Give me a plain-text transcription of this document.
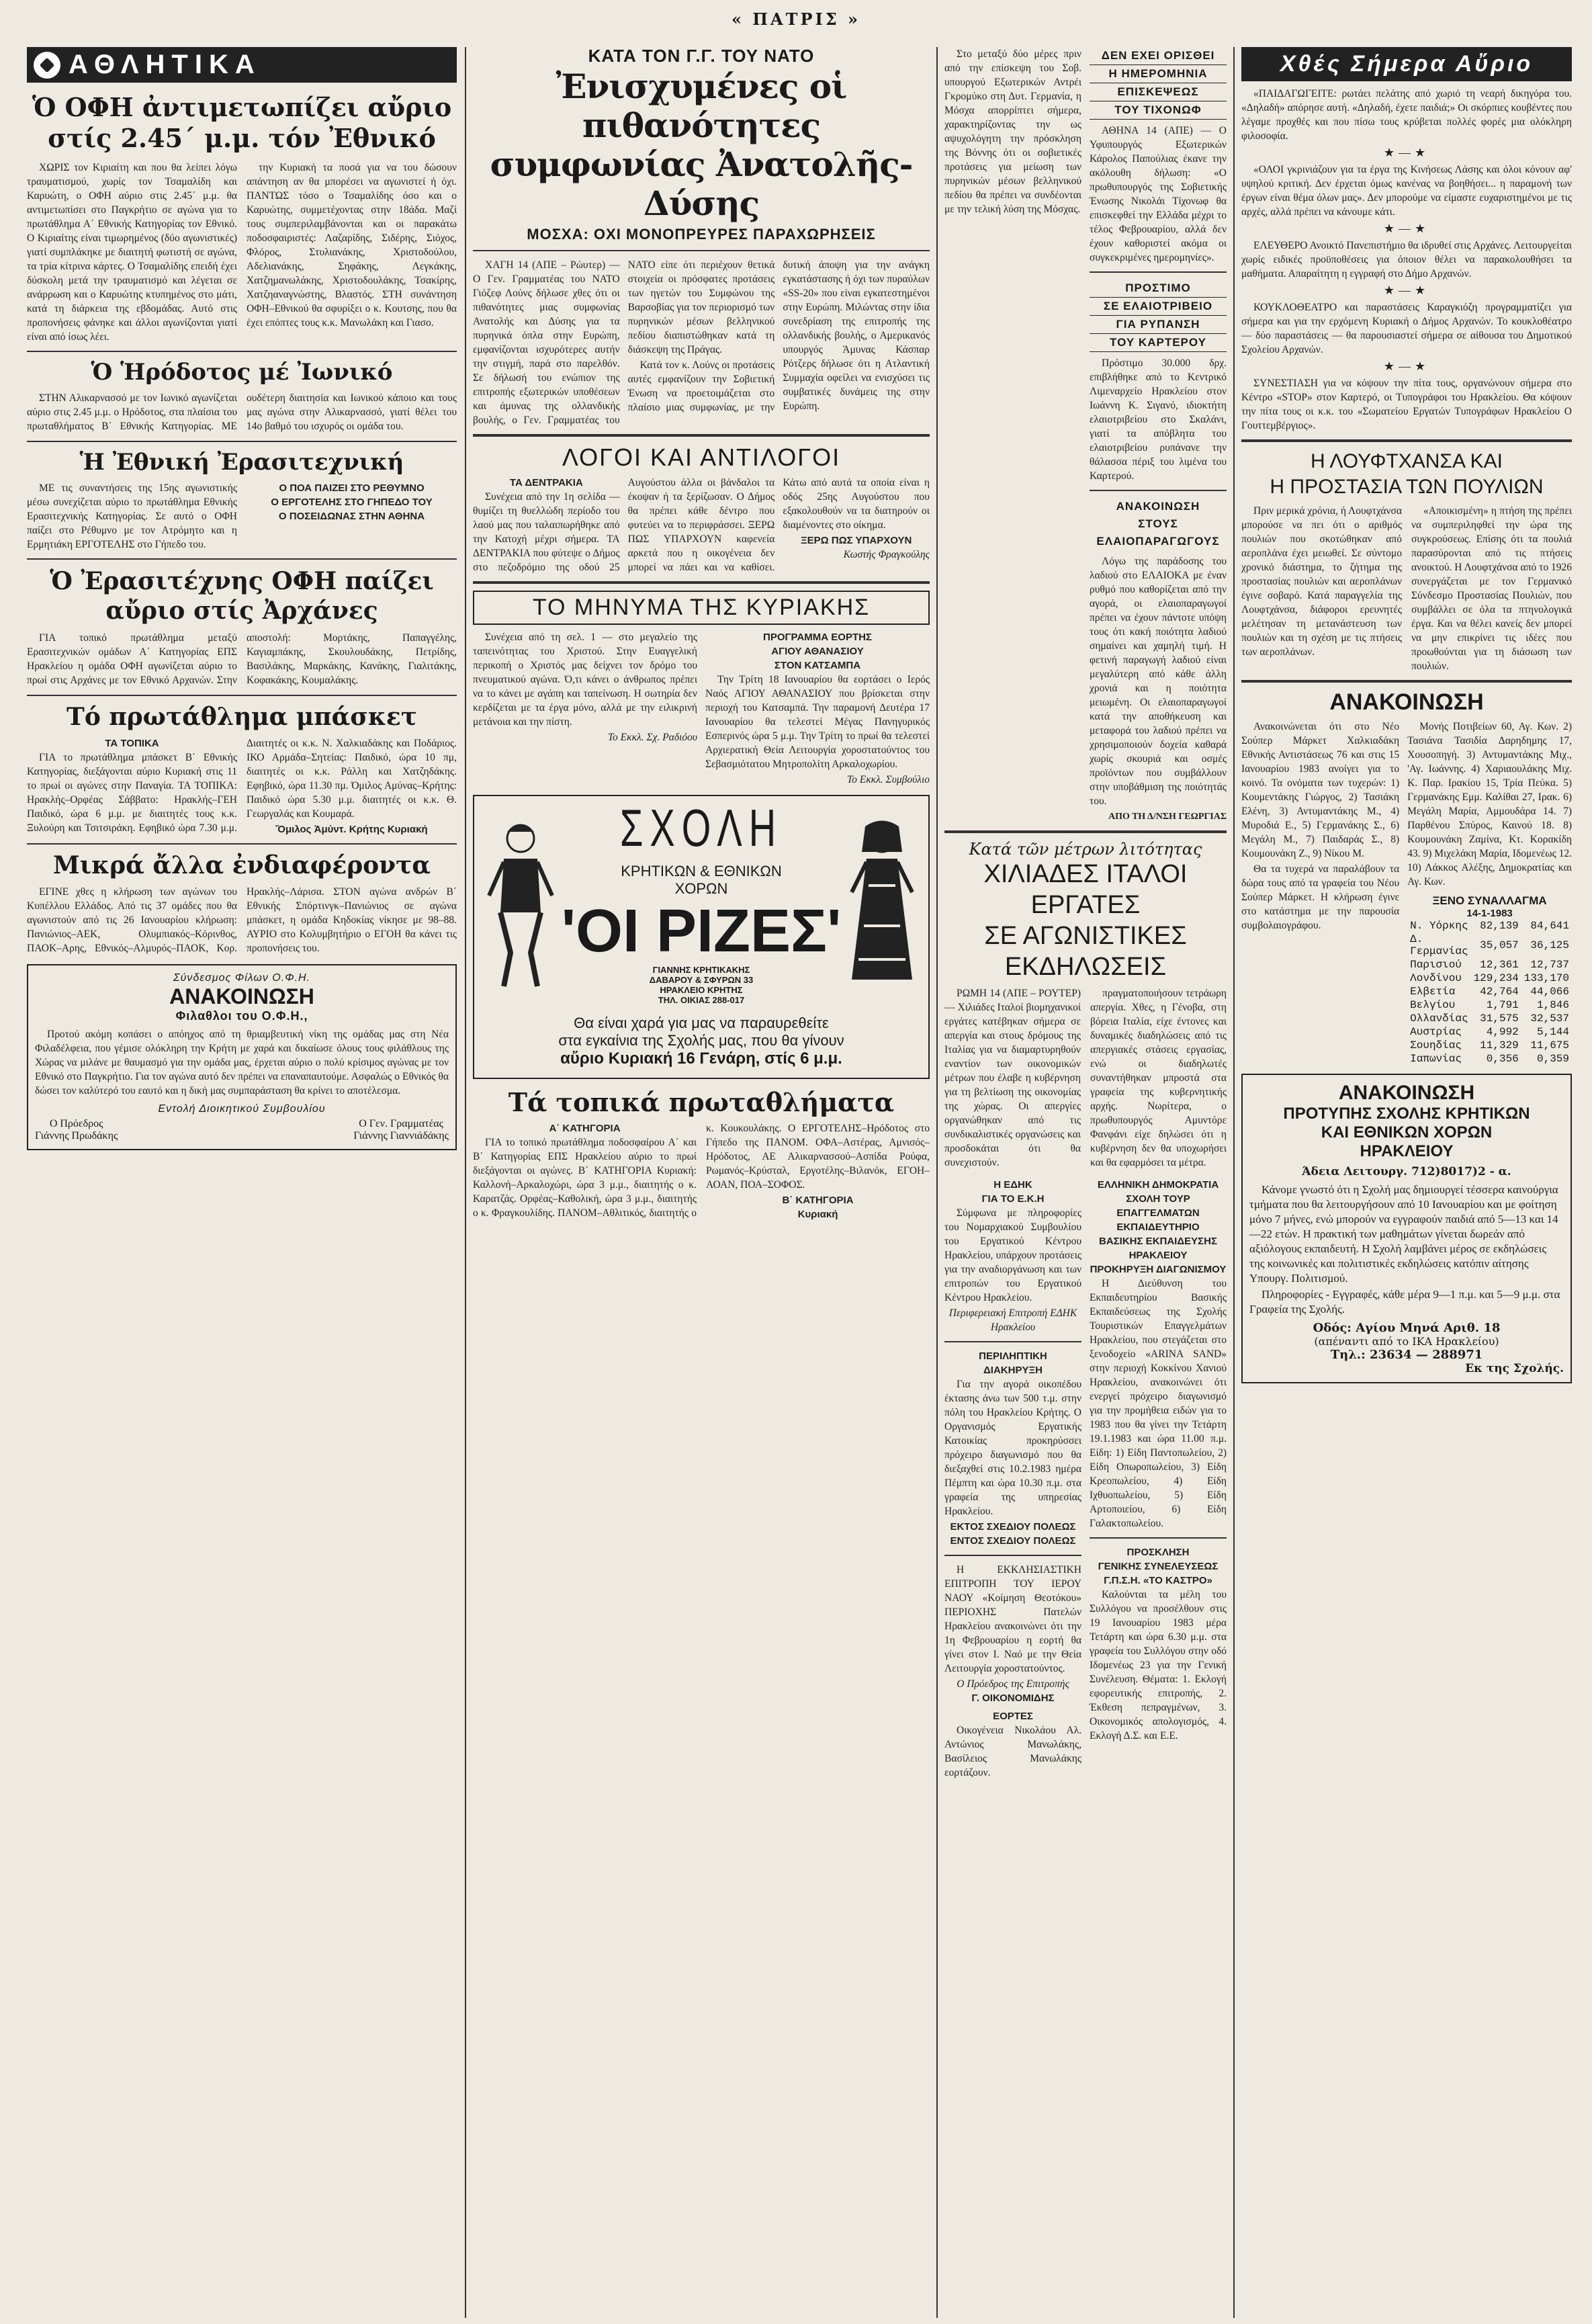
« ΠΑΤΡΙΣ »
ΑΘΛΗΤΙΚΑ
Ὁ ΟΦΗ ἀντιμετωπίζει αὔριο
στίς 2.45΄ μ.μ. τόν Ἐθνικό

ΧΩΡΙΣ τον Κιριαίτη και που θα λείπει λόγω τραυματισμού, χωρίς τον Τσαμαλίδη και Καρυώτη, ο ΟΦΗ αύριο στις 2.45΄ μ.μ. θα αντιμετωπίσει στο Παγκρήτιο σε αγώνα για το πρωτάθλημα Α΄ Εθνικής Κατηγορίας τον Εθνικό. Ο Κιριαίτης είναι τιμωρημένος (δύο αγωνιστικές) γιατί συμπλάκηκε με διαιτητή φωτιστή σε αγώνα, τα τρία κίτρινα κάρτες. Ο Τσαμαλίδης επειδή έχει δύσκολη μετά την τραυματισμό και λέγεται σε ανάρρωση και ο Καρυώτης κτυπημένος στο μάτι, κατά τη διάρκεια της εβδομάδας. Αυτό στις προπονήσεις φάνηκε και άλλοι αγωνίζονται γιατί είναι από ίσως λέει.

την Κυριακή τα ποσά για να του δώσουν απάντηση αν θα μπορέσει να αγωνιστεί ή όχι. ΠΑΝΤΩΣ τόσο ο Τσαμαλίδης όσο και ο Καρυώτης, συμμετέχοντας στην 18άδα. Μαζί τους συμπεριλαμβάνονται και οι παρακάτω ποδοσφαιριστές: Λαζαρίδης, Σιδέρης, Σιόχος, Φλόρος, Στυλιανάκης, Χριστοδούλου, Αδελιανάκης, Σηφάκης, Λεγκάκης, Χατζημανωλάκης, Χριστοδουλάκης, Τσακίρης, Χατζηαναγνώστης, Βλαστός. ΣΤΗ συνάντηση ΟΦΗ–Εθνικού θα σφυρίξει ο κ. Κουτσης, που θα έχει επόπτες τους κ.κ. Μανωλάκη και Γιασο.

Ὁ Ἡρόδοτος μέ Ἰωνικό

ΣΤΗΝ Αλικαρνασσό με τον Ιωνικό αγωνίζεται αύριο στις 2.45 μ.μ. ο Ηρόδοτος, στα πλαίσια του πρωταθλήματος Β΄ Εθνικής Κατηγορίας. ΜΕ ουδέτερη διαιτησία και Ιωνικού κάποιο και τους μας αγώνα στην Αλικαρνασσό, γιατί θέλει του 14ο βαθμό του ισχυρός οι ομάδα του.

Ἡ Ἐθνική Ἐρασιτεχνική

ΜΕ τις συναντήσεις της 15ης αγωνιστικής μέσω συνεχίζεται αύριο το πρωτάθλημα Εθνικής Ερασιτεχνικής Κατηγορίας. Σε αυτό ο ΟΦΗ παίζει στο Ρέθυμνο με τον Ατρόμητο και η Ερμητιάκη ΕΡΓΟΤΕΛΗΣ στο Γήπεδο του.

Ο ΠΟΑ ΠΑΙΖΕΙ ΣΤΟ ΡΕΘΥΜΝΟ
Ο ΕΡΓΟΤΕΛΗΣ ΣΤΟ ΓΗΠΕΔΟ ΤΟΥ
Ο ΠΟΣΕΙΔΩΝΑΣ ΣΤΗΝ ΑΘΗΝΑ
Ὁ Ἐρασιτέχνης ΟΦΗ παίζει
αὔριο στίς Ἀρχάνες

ΓΙΑ τοπικό πρωτάθλημα μεταξύ Ερασιτεχνικών ομάδων Α΄ Κατηγορίας ΕΠΣ Ηρακλείου η ομάδα ΟΦΗ αγωνίζεται αύριο το πρωί στις Αρχάνες με τον Εθνικό Αρχανών. Στην αποστολή: Μορτάκης, Παπαγγέλης, Καγιαμπάκης, Σκουλουδάκης, Πετρίδης, Βασιλάκης, Μαρκάκης, Κανάκης, Γιαλιτάκης, Κοφακάκης, Κουμαλάκης.

Τό πρωτάθλημα μπάσκετ
ΤΑ ΤΟΠΙΚΑ

ΓΙΑ το πρωτάθλημα μπάσκετ Β΄ Εθνικής Κατηγορίας, διεξάγονται αύριο Κυριακή στις 11 το πρωί οι αγώνες στην Παναγία. ΤΑ ΤΟΠΙΚΑ: Ηρακλής–Ορφέας Σάββατο: Ηρακλής–ΓΕΗ Παιδικό, ώρα 6 μ.μ. με διαιτητές τους κ.κ. Ξυλούρη και Τσιτσιράκη. Εφηβικό ώρα 7.30 μ.μ. Διαιτητές οι κ.κ. Ν. Χαλκιαδάκης και Ποδάριος. ΙΚΟ Αρμάδα–Σητείας: Παιδικό, ώρα 10 πμ, διαιτητές οι κ.κ. Ράλλη και Χατζηδάκης. Εφηβικό, ώρα 11.30 πμ. Όμιλος Αμύνας–Κρήτης: Παιδικό ώρα 5.30 μ.μ. διαιτητές οι κ.κ. Θ. Γεωργαλάς και Κουμαρά.

Ὅμιλος Ἀμύντ. Κρήτης Κυριακή
Μικρά ἄλλα ἐνδιαφέροντα

ΕΓΙΝΕ χθες η κλήρωση των αγώνων του Κυπέλλου Ελλάδος. Από τις 37 ομάδες που θα αγωνιστούν από τις 26 Ιανουαρίου κλήρωση: Πανιώνιος–ΑΕΚ, Ολυμπιακός–Κόρινθος, ΠΑΟΚ–Αρης, Εθνικός–Αλμυρός–ΠΑΟΚ, Κορ. Ηρακλής–Λάρισα. ΣΤΟΝ αγώνα ανδρών Β΄ Εθνικής Σπόρτινγκ–Πανιώνιος σε αγώνα μπάσκετ, η ομάδα Κηδοκίας νίκησε με 98–88. ΑΥΡΙΟ στο Κολυμβητήριο ο ΕΓΟΗ θα κάνει τις προπονήσεις του.

Σύνδεσμος Φίλων Ο.Φ.Η.
ΑΝΑΚΟΙΝΩΣΗ
Φιλαθλοι του Ο.Φ.Η.,

Προτού ακόμη κοπάσει ο απόηχος από τη θριαμβευτική νίκη της ομάδας μας στη Νέα Φιλαδέλφεια, που γέμισε ολόκληρη την Κρήτη με χαρά και δικαίωσε όλους τους φιλάθλους της Χώρας να μιλάνε με θαυμασμό για την ομάδα μας, έρχεται αύριο ο πολύ κρίσιμος αγώνας με τον Εθνικό στο Παγκρήτιο. Για τον αγώνα αυτό δεν πρέπει να επαναπαυτούμε. Ασφαλώς ο Εθνικός θα δώσει τον καλύτερό του εαυτό και η δική μας συμπαράσταση θα κρίνει το αποτέλεσμα.

Εντολή Διοικητικού Συμβουλίου
Ο Πρόεδρος
Γιάννης Πρωδάκης
Ο Γεν. Γραμματέας
Γιάννης Γιαννιάδάκης
ΚΑΤΑ ΤΟΝ Γ.Γ. ΤΟΥ ΝΑΤΟ
Ἐνισχυμένες οἱ πιθανότητες
συμφωνίας Ἀνατολῆς-Δύσης
ΜΟΣΧΑ: ΟΧΙ ΜΟΝΟΠΡΕΥΡΕΣ ΠΑΡΑΧΩΡΗΣΕΙΣ

ΧΑΓΗ 14 (ΑΠΕ – Ρώυτερ) — Ο Γεν. Γραμματέας του ΝΑΤΟ Γιόζεφ Λούνς δήλωσε χθες ότι οι πιθανότητες μιας συμφωνίας Ανατολής και Δύσης για τα πυρηνικά όπλα στην Ευρώπη, εμφανίζονται ισχυρότερες αυτήν την στιγμή, παρά στο παρελθόν. Σε δήλωσή του ενώπιον της επιτροπής εξωτερικών υποθέσεων και άμυνας της ολλανδικής βουλής, ο Γεν. Γραμματέας του ΝΑΤΟ είπε ότι περιέχουν θετικά στοιχεία οι πρόσφατες προτάσεις των ηγετών του Συμφώνου της Βαρσοβίας για τον περιορισμό των πυρηνικών μέσων βελληνικού πεδίου διαπιστώθηκαν κατά τη διάσκεψη της Πράγας.

Κατά τον κ. Λούνς οι προτάσεις αυτές εμφανίζουν την Σοβιετική Ένωση να προετοιμάζεται στο πλαίσιο μιας συμφωνίας, με την δυτική άποψη για την ανάγκη εγκατάστασης ή όχι των πυραύλων «SS-20» που είναι εγκατεστημένοι στην Ευρώπη. Μιλώντας στην ίδια συνεδρίαση της επιτροπής της ολλανδικής βουλής, ο Αμερικανός υπουργός Άμυνας Κάσπαρ Ρότζερς δήλωσε ότι η Ατλαντική Συμμαχία οφείλει να ενισχύσει τις συμβατικές δυνάμεις της στην Ευρώπη.

ΛΟΓΟΙ ΚΑΙ ΑΝΤΙΛΟΓΟΙ
ΤΑ ΔΕΝΤΡΑΚΙΑ

Συνέχεια από την 1η σελίδα — θυμίζει τη θυελλώδη περίοδο του λαού μας που ταλαιπωρήθηκε από την Κατοχή μέχρι σήμερα. ΤΑ ΔΕΝΤΡΑΚΙΑ που φύτεψε ο Δήμος στο πεζοδρόμιο της οδού 25 Αυγούστου άλλα οι βάνδαλοι τα έκοψαν ή τα ξερίζωσαν. Ο Δήμος θα πρέπει κάθε δέντρο που φυτεύει να το περιφράσσει. ΞΕΡΩ ΠΩΣ ΥΠΑΡΧΟΥΝ καφενεία αρκετά που η οικογένεια δεν μπορεί να πάει και να καθίσει. Κάτω από αυτά τα οποία είναι η οδός 25ης Αυγούστου που εξακολουθούν να τα διατηρούν οι διαμένοντες στο οίκημα.

ΞΕΡΩ ΠΩΣ ΥΠΑΡΧΟΥΝ
Κωστής Φραγκούλης
ΤΟ ΜΗΝΥΜΑ ΤΗΣ ΚΥΡΙΑΚΗΣ

Συνέχεια από τη σελ. 1 — στο μεγαλείο της ταπεινότητας του Χριστού. Στην Ευαγγελική περικοπή ο Χριστός μας δείχνει τον δρόμο του πνευματικού αγώνα. Ό,τι κάνει ο άνθρωπος πρέπει να το κάνει με αγάπη και ταπείνωση. Η σωτηρία δεν κερδίζεται με τα έργα μόνο, αλλά με την ειλικρινή μετάνοια και την πίστη.

Το Εκκλ. Σχ. Ραδιόου
ΠΡΟΓΡΑΜΜΑ ΕΟΡΤΗΣ
ΑΓΙΟΥ ΑΘΑΝΑΣΙΟΥ
ΣΤΟΝ ΚΑΤΣΑΜΠΑ

Την Τρίτη 18 Ιανουαρίου θα εορτάσει ο Ιερός Ναός ΑΓΙΟΥ ΑΘΑΝΑΣΙΟΥ που βρίσκεται στην περιοχή του Κατσαμπά. Την παραμονή Δευτέρα 17 Ιανουαρίου θα τελεστεί Μέγας Πανηγυρικός Εσπερινός ώρα 5 μ.μ. Την Τρίτη το πρωί θα τελεστεί Αρχιερατική Θεία Λειτουργία χοροστατούντος του Σεβασμιότατου Μητροπολίτη Αρκαλοχωρίου.

Το Εκκλ. Συμβούλιο
ΣΧΟΛΗ
ΚΡΗΤΙΚΩΝ & ΕΘΝΙΚΩΝ
ΧΟΡΩΝ
'ΟΙ ΡΙΖΕΣ'
ΓΙΑΝΝΗΣ ΚΡΗΤΙΚΑΚΗΣ
ΔΑΒΑΡΟΥ & ΣΦΥΡΩΝ 33
ΗΡΑΚΛΕΙΟ ΚΡΗΤΗΣ
ΤΗΛ. ΟΙΚΙΑΣ 288-017
Θα είναι χαρά για μας να παραυρεθείτε
στα εγκαίνια της Σχολής μας, που θα γίνουν
αὔριο Κυριακή 16 Γενάρη, στίς 6 μ.μ.
Τά τοπικά πρωταθλήματα
Α΄ ΚΑΤΗΓΟΡΙΑ

ΓΙΑ το τοπικό πρωτάθλημα ποδοσφαίρου Α΄ και Β΄ Κατηγορίας ΕΠΣ Ηρακλείου αύριο το πρωί διεξάγονται οι αγώνες. Β΄ ΚΑΤΗΓΟΡΙΑ Κυριακή: Καλλονή–Αρκαλοχώρι, ώρα 3 μ.μ., διαιτητής ο κ. Καρατζάς. Ορφέας–Καθολική, ώρα 3 μ.μ., διαιτητής ο κ. Φραγκουλίδης. ΠΑΝΟΜ–Αθλιτικός, διαιτητής ο κ. Κουκουλάκης. Ο ΕΡΓΟΤΕΛΗΣ–Ηρόδοτος στο Γήπεδο της ΠΑΝΟΜ. ΟΦΑ–Αστέρας, Αμνισός–Ηρόδοτος, ΑΕ Αλικαρνασσού–Ασπίδα Ρούφα, Ρωμανός–Κρύσταλ, Εργοτέλης–Βιλανόκ, ΕΓΟΗ–ΑΟΑΝ, ΠΟΑ–ΣΟΦΟΣ.

Β΄ ΚΑΤΗΓΟΡΙΑ
Κυριακή

Στο μεταξύ δύο μέρες πριν από την επίσκεψη του Σοβ. υπουργού Εξωτερικών Αντρέι Γκρομύκο στη Δυτ. Γερμανία, η Μόσχα απορρίπτει σήμερα, χαρακτηρίζοντας την ως αψυχολόγητη την πρόσκληση της Βόννης ότι οι σοβιετικές προτάσεις για μείωση των πυρηνικών μέσων βελληνικού πεδίου θα πρέπει να συνδέονται με την τελική λύση της Μόσχας.

ΔΕΝ ΕΧΕΙ ΟΡΙΣΘΕΙ
Η ΗΜΕΡΟΜΗΝΙΑ
ΕΠΙΣΚΕΨΕΩΣ
ΤΟΥ ΤΙΧΟΝΩΦ

ΑΘΗΝΑ 14 (ΑΠΕ) — Ο Υφυπουργός Εξωτερικών Κάρολος Παπούλιας έκανε την ακόλουθη δήλωση: «Ο πρωθυπουργός της Σοβιετικής Ένωσης Νικολάι Τίχονωφ θα επισκεφθεί την Ελλάδα μέχρι το τέλος Φεβρουαρίου, αλλά δεν έχουν καθοριστεί ακόμα οι συγκεκριμένες ημερομηνίες».

ΠΡΟΣΤΙΜΟ
ΣΕ ΕΛΑΙΟΤΡΙΒΕΙΟ
ΓΙΑ ΡΥΠΑΝΣΗ
ΤΟΥ ΚΑΡΤΕΡΟΥ

Πρόστιμο 30.000 δρχ. επιβλήθηκε από το Κεντρικό Λιμεναρχείο Ηρακλείου στον Ιωάννη Κ. Σιγανό, ιδιοκτήτη ελαιοτριβείου στο Σκαλάνι, γιατί τα απόβλητα του ελαιοτριβείου ρυπάνανε την θάλασσα πέριξ του λιμένα του Καρτερού.

ΑΝΑΚΟΙΝΩΣΗ
ΣΤΟΥΣ ΕΛΑΙΟΠΑΡΑΓΩΓΟΥΣ

Λόγω της παράδοσης του λαδιού στο ΕΛΑΙΟΚΑ με έναν ρυθμό που καθορίζεται από την αγορά, οι ελαιοπαραγωγοί πρέπει να έχουν πάντοτε υπόψη τους ότι κακή ποιότητα λαδιού σημαίνει και χαμηλή τιμή. Η φετινή παραγωγή λαδιού είναι μεγαλύτερη από κάθε άλλη χρονιά και η ποιότητα μειωμένη. Οι ελαιοπαραγωγοί κατά την αποθήκευση και μεταφορά του λαδιού πρέπει να χρησιμοποιούν δοχεία καθαρά χωρίς σκουριά και οσμές προϊόντων που συμβάλλουν στην υποβάθμιση της ποιότητάς του.

ΑΠΟ ΤΗ Δ/ΝΣΗ ΓΕΩΡΓΙΑΣ
Κατά τῶν μέτρων λιτότητας
ΧΙΛΙΑΔΕΣ ΙΤΑΛΟΙ ΕΡΓΑΤΕΣ
ΣΕ ΑΓΩΝΙΣΤΙΚΕΣ ΕΚΔΗΛΩΣΕΙΣ

ΡΩΜΗ 14 (ΑΠΕ – ΡΟΥΤΕΡ) — Χιλιάδες Ιταλοί βιομηχανικοί εργάτες κατέβηκαν σήμερα σε απεργία και στους δρόμους της Ιταλίας για να διαμαρτυρηθούν εναντίον των οικονομικών μέτρων που έλαβε η κυβέρνηση για τη βελτίωση της οικονομίας της χώρας. Οι απεργίες οργανώθηκαν από τις συνδικαλιστικές οργανώσεις και προσδοκάται ότι θα συνεχιστούν.

πραγματοποιήσουν τετράωρη απεργία. Χθες, η Γένοβα, στη βόρεια Ιταλία, είχε έντονες και δυναμικές διαδηλώσεις από τις απεργιακές στάσεις εργασίας, ενώ οι διαδηλωτές συναντήθηκαν μπροστά στα γραφεία της κυβερνητικής αρχής. Νωρίτερα, ο πρωθυπουργός Αμυντόρε Φανφάνι είχε δηλώσει ότι η κυβέρνηση δεν θα υποχωρήσει και θα εφαρμόσει τα μέτρα.

Η ΕΔΗΚ
ΓΙΑ ΤΟ Ε.Κ.Η

Σύμφωνα με πληροφορίες του Νομαρχιακού Συμβουλίου του Εργατικού Κέντρου Ηρακλείου, υπάρχουν προτάσεις για την αναδιοργάνωση και των επιτροπών του Εργατικού Κέντρου Ηρακλείου.

Περιφερειακή Επιτροπή ΕΔΗΚ Ηρακλείου
ΠΕΡΙΛΗΠΤΙΚΗ
ΔΙΑΚΗΡΥΞΗ

Για την αγορά οικοπέδου έκτασης άνω των 500 τ.μ. στην πόλη του Ηρακλείου Κρήτης. Ο Οργανισμός Εργατικής Κατοικίας προκηρύσσει πρόχειρο διαγωνισμό που θα διεξαχθεί στις 10.2.1983 ημέρα Πέμπτη και ώρα 10.30 π.μ. στα γραφεία της υπηρεσίας Ηρακλείου.

ΕΚΤΟΣ ΣΧΕΔΙΟΥ ΠΟΛΕΩΣ
ΕΝΤΟΣ ΣΧΕΔΙΟΥ ΠΟΛΕΩΣ

Η ΕΚΚΛΗΣΙΑΣΤΙΚΗ ΕΠΙΤΡΟΠΗ ΤΟΥ ΙΕΡΟΥ ΝΑΟΥ «Κοίμηση Θεοτόκου» ΠΕΡΙΟΧΗΣ Πατελών Ηρακλείου ανακοινώνει ότι την 1η Φεβρουαρίου η εορτή θα γίνει στον Ι. Ναό με την Θεία Λειτουργία χοροστατούντος.

Ο Πρόεδρος της Επιτροπής
Γ. ΟΙΚΟΝΟΜΙΔΗΣ
ΕΟΡΤΕΣ

Οικογένεια Νικολάου Αλ. Αντώνιος Μανωλάκης, Βασίλειος Μανωλάκης εορτάζουν.

ΕΛΛΗΝΙΚΗ ΔΗΜΟΚΡΑΤΙΑ
ΣΧΟΛΗ ΤΟΥΡ ΕΠΑΓΓΕΛΜΑΤΩΝ
ΕΚΠΑΙΔΕΥΤΗΡΙΟ
ΒΑΣΙΚΗΣ ΕΚΠΑΙΔΕΥΣΗΣ
ΗΡΑΚΛΕΙΟΥ
ΠΡΟΚΗΡΥΞΗ ΔΙΑΓΩΝΙΣΜΟΥ

Η Διεύθυνση του Εκπαιδευτηρίου Βασικής Εκπαιδεύσεως της Σχολής Τουριστικών Επαγγελμάτων Ηρακλείου, που στεγάζεται στο ξενοδοχείο «ARINA SAND» στην περιοχή Κοκκίνου Χανιού Ηρακλείου, ανακοινώνει ότι ενεργεί πρόχειρο διαγωνισμό για την προμήθεια ειδών για το 1983 που θα γίνει την Τετάρτη 19.1.1983 και ώρα 11.00 π.μ. Είδη: 1) Είδη Παντοπωλείου, 2) Είδη Οπωροπωλείου, 3) Είδη Κρεοπωλείου, 4) Είδη Ιχθυοπωλείου, 5) Είδη Αρτοποιείου, 6) Είδη Γαλακτοπωλείου.

ΠΡΟΣΚΛΗΣΗ
ΓΕΝΙΚΗΣ ΣΥΝΕΛΕΥΣΕΩΣ
Γ.Π.Σ.Η. «ΤΟ ΚΑΣΤΡΟ»

Καλούνται τα μέλη του Συλλόγου να προσέλθουν στις 19 Ιανουαρίου 1983 μέρα Τετάρτη και ώρα 6.30 μ.μ. στα γραφεία του Συλλόγου στην οδό Ιδομενέως 23 για την Γενική Συνέλευση. Θέματα: 1. Εκλογή εφορευτικής επιτροπής, 2. Έκθεση πεπραγμένων, 3. Οικονομικός απολογισμός, 4. Εκλογή Δ.Σ. και Ε.Ε.

Χθές Σήμερα Αὔριο

«ΠΑΙΔΑΓΩΓΕΙΤΕ: ρωτάει πελάτης από χωριό τη νεαρή δικηγόρα του. «Δηλαδή» απόρησε αυτή. «Δηλαδή, έχετε παιδιά;» Οι σκόρπιες κουβέντες που λέγαμε προχθές και που πίσω τους κρύβεται πολλές φορές μια ολόκληρη φιλοσοφία.

★—★

«ΟΛΟΙ γκρινιάζουν για τα έργα της Κινήσεως Λάσης και όλοι κόνουν αφ' υψηλού κριτική. Δεν έρχεται όμως κανένας να βοηθήσει... η παραμονή των έργων είναι θέμα όλων μας». Δεν μπορούμε να είμαστε ευχαριστημένοι με τις αρχές, αλλά πρέπει να κάνουμε κάτι.

★—★

ΕΛΕΥΘΕΡΟ Ανοικτό Πανεπιστήμιο θα ιδρυθεί στις Αρχάνες. Λειτουργείται χωρίς ειδικές προϋποθέσεις για όποιον θέλει να παρακολουθήσει τα μαθήματα. Απαραίτητη η εγγραφή στο Δήμο Αρχανών.

★—★

ΚΟΥΚΛΟΘΕΑΤΡΟ και παραστάσεις Καραγκιόζη προγραμματίζει για σήμερα και για την ερχόμενη Κυριακή ο Δήμος Αρχανών. Το κουκλοθέατρο — δύο παραστάσεις — θα παρουσιαστεί σήμερα σε αίθουσα του Δημοτικού Σχολείου Αρχανών.

★—★

ΣΥΝΕΣΤΙΑΣΗ για να κόψουν την πίτα τους, οργανώνουν σήμερα στο Κέντρο «STOP» στον Καρτερό, οι Τυπογράφοι του Ηρακλείου. Θα κόψουν την πίτα τους οι κ.κ. του «Σωματείου Εργατών Τυπογράφων Ηρακλείου Ο Γουττεμβέργιος».

Η ΛΟΥΦΤΧΑΝΣΑ ΚΑΙ
Η ΠΡΟΣΤΑΣΙΑ ΤΩΝ ΠΟΥΛΙΩΝ

Πριν μερικά χρόνια, ή Λουφτχάνσα μπορούσε να πει ότι ο αριθμός πουλιών που σκοτώθηκαν από αεροπλάνα έχει μειωθεί. Σε σύντομο χρονικό διάστημα, το ζήτημα της προστασίας πουλιών και αεροπλάνων έγινε σοβαρό. Κατά παραγγελία της Λουφτχάνσα, διάφοροι ερευνητές μελέτησαν τη μετανάστευση των πουλιών και τη σχέση με τις πτήσεις των αεροπλάνων.

«Αποικισμένη» η πτήση της πρέπει να συμπεριληφθεί την ώρα της συγκρούσεως. Επίσης ότι τα πουλιά παρασύρονται από τις πτήσεις ανοικτού. Η Λουφτχάνσα από το 1926 συνεργάζεται με τον Γερμανικό Σύνδεσμο Προστασίας Πουλιών, που συμβάλλει σε όλα τα πτηνολογικά έργα. Και να θέλει κανείς δεν μπορεί να μην επικρίνει τις ιδέες που προωθούνται για τη διάσωση των πουλιών.

ΑΝΑΚΟΙΝΩΣΗ

Ανακοινώνεται ότι στο Νέο Σούπερ Μάρκετ Χαλκιαδάκη Εθνικής Αντιστάσεως 76 και στις 15 Ιανουαρίου 1983 ανοίγει για το κοινό. Τα ονόματα των τυχερών: 1) Κουμεντάκης Γιώργος, 2) Τασιάκη Ελένη, 3) Αντυμαντάκης Μ., 4) Μυροδιά Ε., 5) Γερμανάκης Σ., 6) Μεγάλη Μ., 7) Παιδαράς Σ., 8) Κουμουνάκη Ζ., 9) Νίκου Μ.

Θα τα τυχερά να παραλάβουν τα δώρα τους από τα γραφεία του Νέου Σούπερ Μάρκετ. Η κλήρωση έγινε στο κατάστημα με την παρουσία συμβολαιογράφου.

Μονής Ποτιβείων 60, Αγ. Κων. 2) Τασιάνα Τασιδία Δαρηδημης 17, Χουσοπηγή. 3) Αντυμαντάκης Μιχ., 'Αγ. Ιωάννης. 4) Χαριαουλάκης Μιχ. Κ. Παρ. Ιρακίου 15, Τρία Πεύκα. 5) Γερμανάκης Εμμ. Καλίθαι 27, Ιρακ. 6) Μεγάλη Μαρία, Αμμουδάρα 14. 7) Παρθένου Σπύρος, Καινού 18. 8) Κουμουνάκη Ζαμίνα, Κτ. Κορακίδη 43. 9) Μιχελάκη Μαρία, Ιδομενέως 12. 10) Λάκκος Αλέξης, Δημοκρατίας και Αγ. Κων.

ΞΕΝΟ ΣΥΝΑΛΛΑΓΜΑ
14-1-1983
Ν. Υόρκης	82,139	84,641
Δ. Γερμανίας	35,057	36,125
Παρισιού	12,361	12,737
Λονδίνου	129,234	133,170
Ελβετία	42,764	44,066
Βελγίου	1,791	1,846
Ολλανδίας	31,575	32,537
Αυστρίας	4,992	5,144
Σουηδίας	11,329	11,675
Ιαπωνίας	0,356	0,359
ΑΝΑΚΟΙΝΩΣΗ
ΠΡΟΤΥΠΗΣ ΣΧΟΛΗΣ ΚΡΗΤΙΚΩΝ
ΚΑΙ ΕΘΝΙΚΩΝ ΧΟΡΩΝ
ΗΡΑΚΛΕΙΟΥ
Άδεια Λειτουργ. 712)8017)2 - α.

Κάνομε γνωστό ότι η Σχολή μας δημιουργεί τέσσερα καινούργια τμήματα που θα λειτουργήσουν από 10 Ιανουαρίου και με φοίτηση μόνο 7 μήνες, ενώ μπορούν να εγγραφούν παιδιά από 5—13 και 14—22 ετών. Η πρακτική των μαθημάτων γίνεται δωρεάν από αξιόλογους εκπαιδευτή. Η Σχολή λαμβάνει μέρος σε εκδηλώσεις της κοινωνικές και πολιτιστικές εκδηλώσεις κατόπιν αίτησης Υπουργ. Πολιτισμού.

Πληροφορίες - Εγγραφές, κάθε μέρα 9—1 π.μ. και 5—9 μ.μ. στα Γραφεία της Σχολής.

Οδός: Αγίου Μηνά Αριθ. 18
(απέναντι από το ΙΚΑ Ηρακλείου)
Τηλ.: 23634 — 288971
Εκ της Σχολής.
